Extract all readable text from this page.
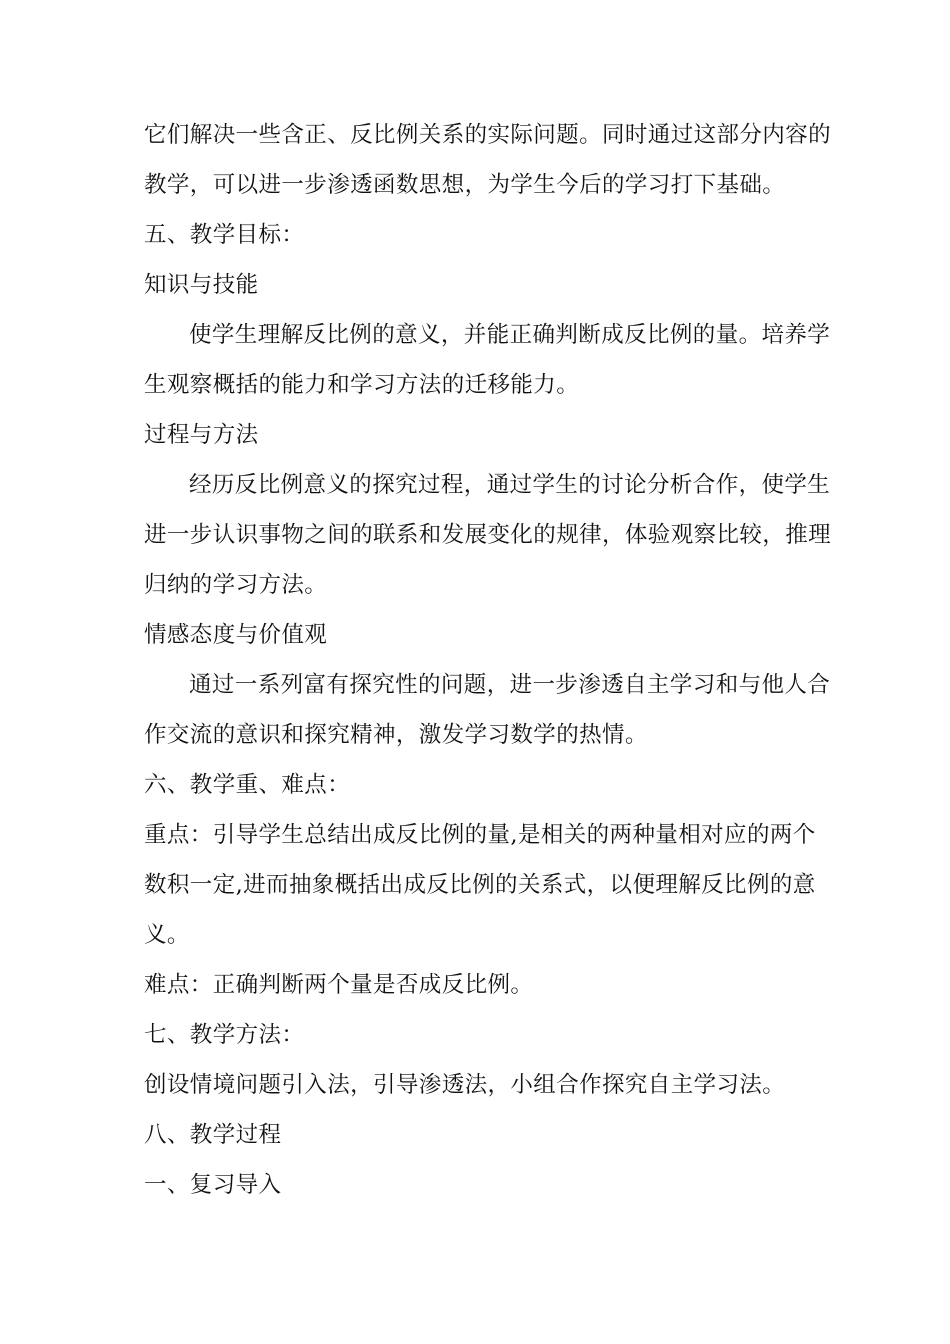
它们解决一些含正、反比例关系的实际问题。同时通过这部分内容的
教学，可以进一步渗透函数思想，为学生今后的学习打下基础。
五、教学目标：
知识与技能
使学生理解反比例的意义，并能正确判断成反比例的量。培养学
生观察概括的能力和学习方法的迁移能力。
过程与方法
经历反比例意义的探究过程，通过学生的讨论分析合作，使学生
进一步认识事物之间的联系和发展变化的规律，体验观察比较，推理
归纳的学习方法。
情感态度与价值观
通过一系列富有探究性的问题，进一步渗透自主学习和与他人合
作交流的意识和探究精神，激发学习数学的热情。
六、教学重、难点：
重点：引导学生总结出成反比例的量,是相关的两种量相对应的两个
数积一定,进而抽象概括出成反比例的关系式，以便理解反比例的意
义。
难点：正确判断两个量是否成反比例。
七、教学方法：
创设情境问题引入法，引导渗透法，小组合作探究自主学习法。
八、教学过程
一、复习导入
